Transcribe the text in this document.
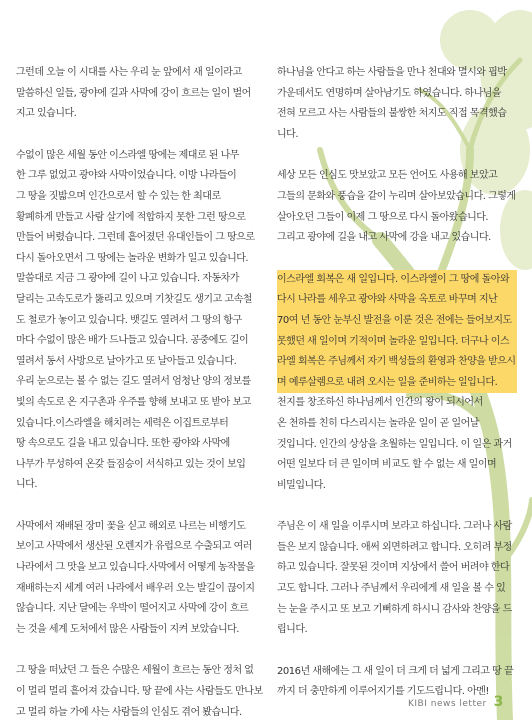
그런데 오늘 이 시대를 사는 우리 눈 앞에서 새 일이라고
말씀하신 일들, 광야에 길과 사막에 강이 흐르는 일이 벌어
지고 있습니다.

수없이 많은 세월 동안 이스라엘 땅에는 제대로 된 나무
한 그루 없었고 광야와 사막이었습니다. 이방 나라들이
그 땅을 짓밟으며 인간으로서 할 수 있는 한 최대로
황폐하게 만들고 사람 살기에 적합하지 못한 그런 땅으로
만들어 버렸습니다. 그런데 흩어졌던 유대인들이 그 땅으로
다시 돌아오면서 그 땅에는 놀라운 변화가 일고 있습니다.
말씀대로 지금 그 광야에 길이 나고 있습니다. 자동차가
달리는 고속도로가 뚫리고 있으며 기찻길도 생기고 고속철
도 철로가 놓이고 있습니다. 뱃길도 열려서 그 땅의 항구
마다 수없이 많은 배가 드나들고 있습니다. 공중에도 길이
열려서 동서 사방으로 날아가고 또 날아들고 있습니다.
우리 눈으로는 볼 수 없는 길도 열려서 엄청난 양의 정보를
빛의 속도로 온 지구촌과 우주를 향해 보내고 또 받아 보고
있습니다.이스라엘을 해치려는 세력은 이집트로부터
땅 속으로도 길을 내고 있습니다. 또한 광야와 사막에
나무가 무성하여 온갖 들짐승이 서식하고 있는 것이 보입
니다.

사막에서 재배된 장미 꽃을 싣고 해외로 나르는 비행기도
보이고 사막에서 생산된 오렌지가 유럽으로 수출되고 여러
나라에서 그 맛을 보고 있습니다.사막에서 어떻게 농작물을
재배하는지 세계 여러 나라에서 배우러 오는 발길이 끊이지
않습니다. 지난 달에는 우박이 떨어지고 사막에 강이 흐르
는 것을 세계 도처에서 많은 사람들이 지켜 보았습니다.

그 땅을 떠났던 그 들은 수많은 세월이 흐르는 동안 정처 없
이 멀리 멀리 흩어져 갔습니다. 땅 끝에 사는 사람들도 만나보
고 멀리 하늘 가에 사는 사람들의 인심도 겪어 봤습니다.

하나님을 안다고 하는 사람들을 만나 천대와 멸시와 핍박
가운데서도 연명하며 살아남기도 하였습니다. 하나님을
전혀 모르고 사는 사람들의 불쌍한 처지도 직접 목격했습
니다.

세상 모든 인심도 맛보았고 모든 언어도 사용해 보았고
그들의 문화와 풍습을 같이 누리며 살아보았습니다. 그렇게
살아오던 그들이 이제 그 땅으로 다시 돌아왔습니다.
그리고 광야에 길을 내고 사막에 강을 내고 있습니다.

이스라엘 회복은 새 일입니다. 이스라엘이 그 땅에 돌아와
다시 나라를 세우고 광야와 사막을 옥토로 바꾸며 지난
70여 년 동안 눈부신 발전을 이룬 것은 전에는 들어보지도
못했던 새 일이며 기적이며 놀라운 일입니다. 더구나 이스
라엘 회복은 주님께서 자기 백성들의 환영과 찬양을 받으시
며 예루살렘으로 내려 오시는 일을 준비하는 일입니다.

천지를 창조하신 하나님께서 인간의 왕이 되시어서
온 천하를 친히 다스리시는 놀라운 일이 곧 일어날
것입니다. 인간의 상상을 초월하는 일입니다. 이 일은 과거
어떤 일보다 더 큰 일이며 비교도 할 수 없는 새 일이며
비밀입니다.

주님은 이 새 일을 이루시며 보라고 하십니다. 그러나 사람
들은 보지 않습니다. 애써 외면하려고 합니다. 오히려 부정
하고 있습니다. 잘못된 것이며 지상에서 쓸어 버려야 한다
고도 합니다. 그러나 주님께서 우리에게 새 일을 볼 수 있
는 눈을 주시고 또 보고 기뻐하게 하시니 감사와 찬양을 드
립니다.

2016년 새해에는 그 새 일이 더 크게 더 넓게 그리고 땅 끝
까지 더 충만하게 이루어지기를 기도드립니다. 아멘!

KIBI news letter 3
